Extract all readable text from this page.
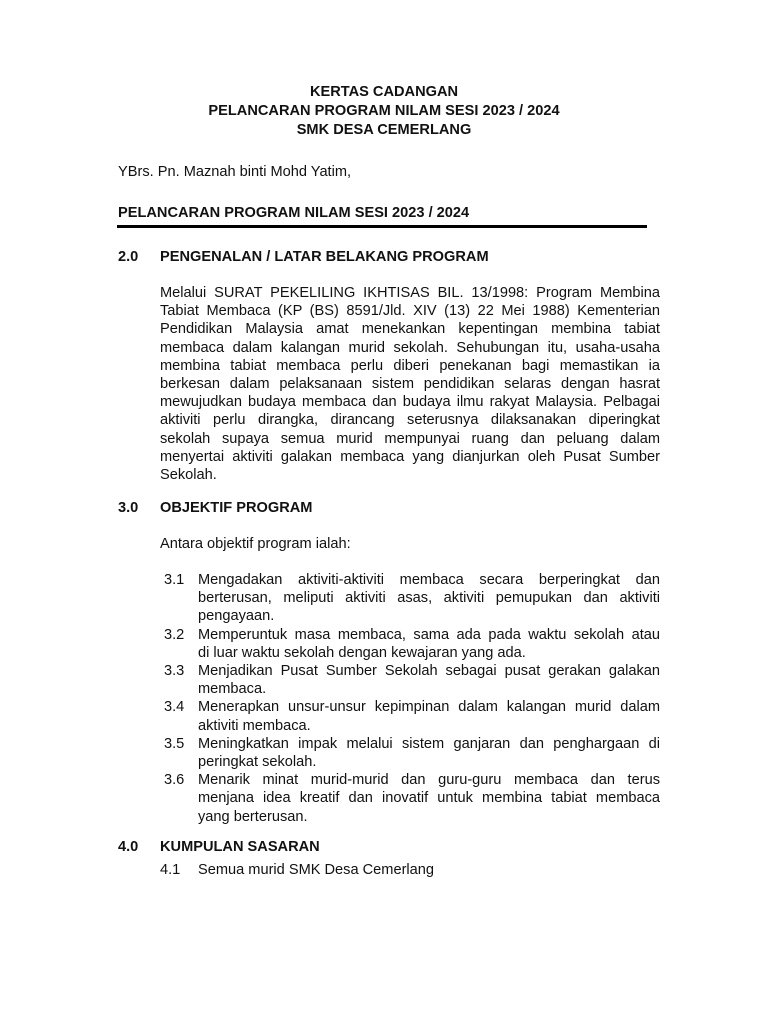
KERTAS CADANGAN
PELANCARAN PROGRAM NILAM SESI 2023 / 2024
SMK DESA CEMERLANG
YBrs. Pn. Maznah binti Mohd Yatim,
PELANCARAN PROGRAM NILAM SESI 2023 / 2024
2.0 PENGENALAN / LATAR BELAKANG PROGRAM
Melalui SURAT PEKELILING IKHTISAS BIL. 13/1998: Program Membina
Tabiat Membaca (KP (BS) 8591/Jld. XIV (13) 22 Mei 1988) Kementerian
Pendidikan Malaysia amat menekankan kepentingan membina tabiat
membaca dalam kalangan murid sekolah. Sehubungan itu, usaha-usaha
membina tabiat membaca perlu diberi penekanan bagi memastikan ia
berkesan dalam pelaksanaan sistem pendidikan selaras dengan hasrat
mewujudkan budaya membaca dan budaya ilmu rakyat Malaysia. Pelbagai
aktiviti perlu dirangka, dirancang seterusnya dilaksanakan diperingkat
sekolah supaya semua murid mempunyai ruang dan peluang dalam
menyertai aktiviti galakan membaca yang dianjurkan oleh Pusat Sumber
Sekolah.
3.0 OBJEKTIF PROGRAM
Antara objektif program ialah:
3.1 Mengadakan aktiviti-aktiviti membaca secara berperingkat dan
berterusan, meliputi aktiviti asas, aktiviti pemupukan dan aktiviti
pengayaan.
3.2 Memperuntuk masa membaca, sama ada pada waktu sekolah atau
di luar waktu sekolah dengan kewajaran yang ada.
3.3 Menjadikan Pusat Sumber Sekolah sebagai pusat gerakan galakan
membaca.
3.4 Menerapkan unsur-unsur kepimpinan dalam kalangan murid dalam
aktiviti membaca.
3.5 Meningkatkan impak melalui sistem ganjaran dan penghargaan di
peringkat sekolah.
3.6 Menarik minat murid-murid dan guru-guru membaca dan terus
menjana idea kreatif dan inovatif untuk membina tabiat membaca
yang berterusan.
4.0 KUMPULAN SASARAN
4.1 Semua murid SMK Desa Cemerlang
